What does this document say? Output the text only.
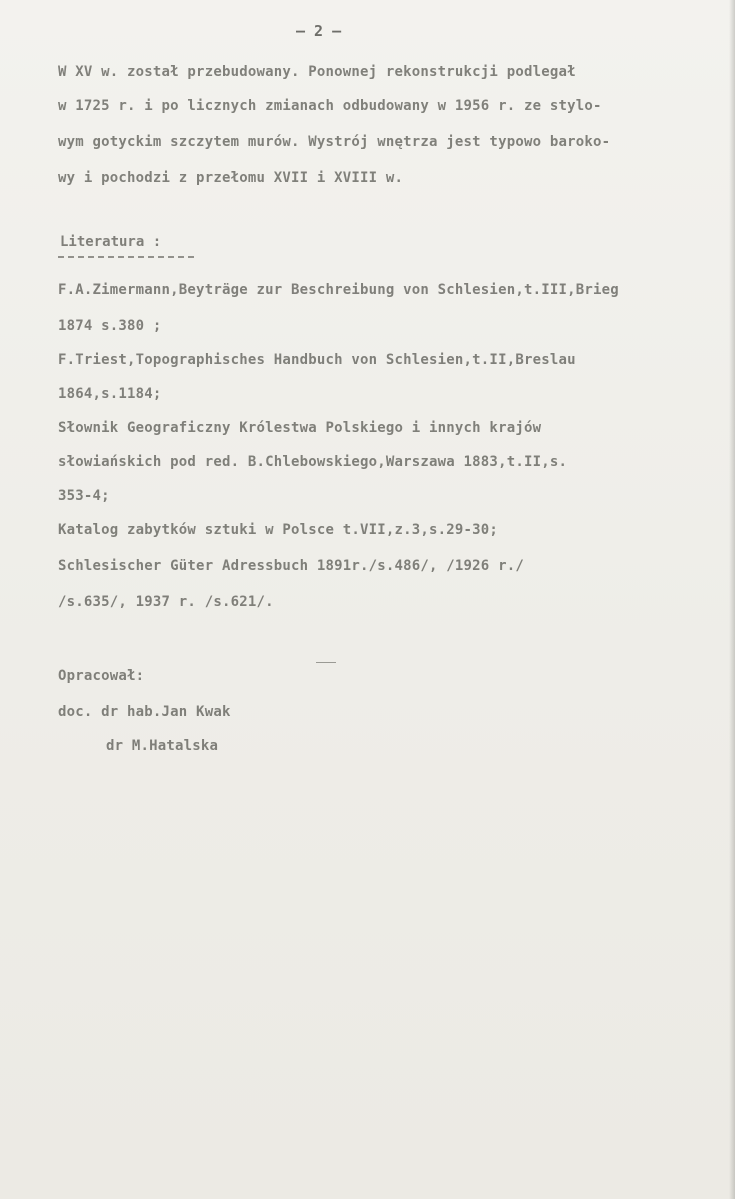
— 2 —
W XV w. został przebudowany. Ponownej rekonstrukcji podlegał
w 1725 r. i po licznych zmianach odbudowany w 1956 r. ze stylo-
wym gotyckim szczytem murów. Wystrój wnętrza jest typowo baroko-
wy i pochodzi z przełomu XVII i XVIII w.
Literatura :
F.A.Zimermann,Beyträge zur Beschreibung von Schlesien,t.III,Brieg
1874 s.380 ;
F.Triest,Topographisches Handbuch von Schlesien,t.II,Breslau
1864,s.1184;
Słownik Geograficzny Królestwa Polskiego i innych krajów
słowiańskich pod red. B.Chlebowskiego,Warszawa 1883,t.II,s.
353-4;
Katalog zabytków sztuki w Polsce t.VII,z.3,s.29-30;
Schlesischer Güter Adressbuch 1891r./s.486/, /1926 r./
/s.635/, 1937 r. /s.621/.
Opracował:
doc. dr hab.Jan Kwak
dr M.Hatalska
